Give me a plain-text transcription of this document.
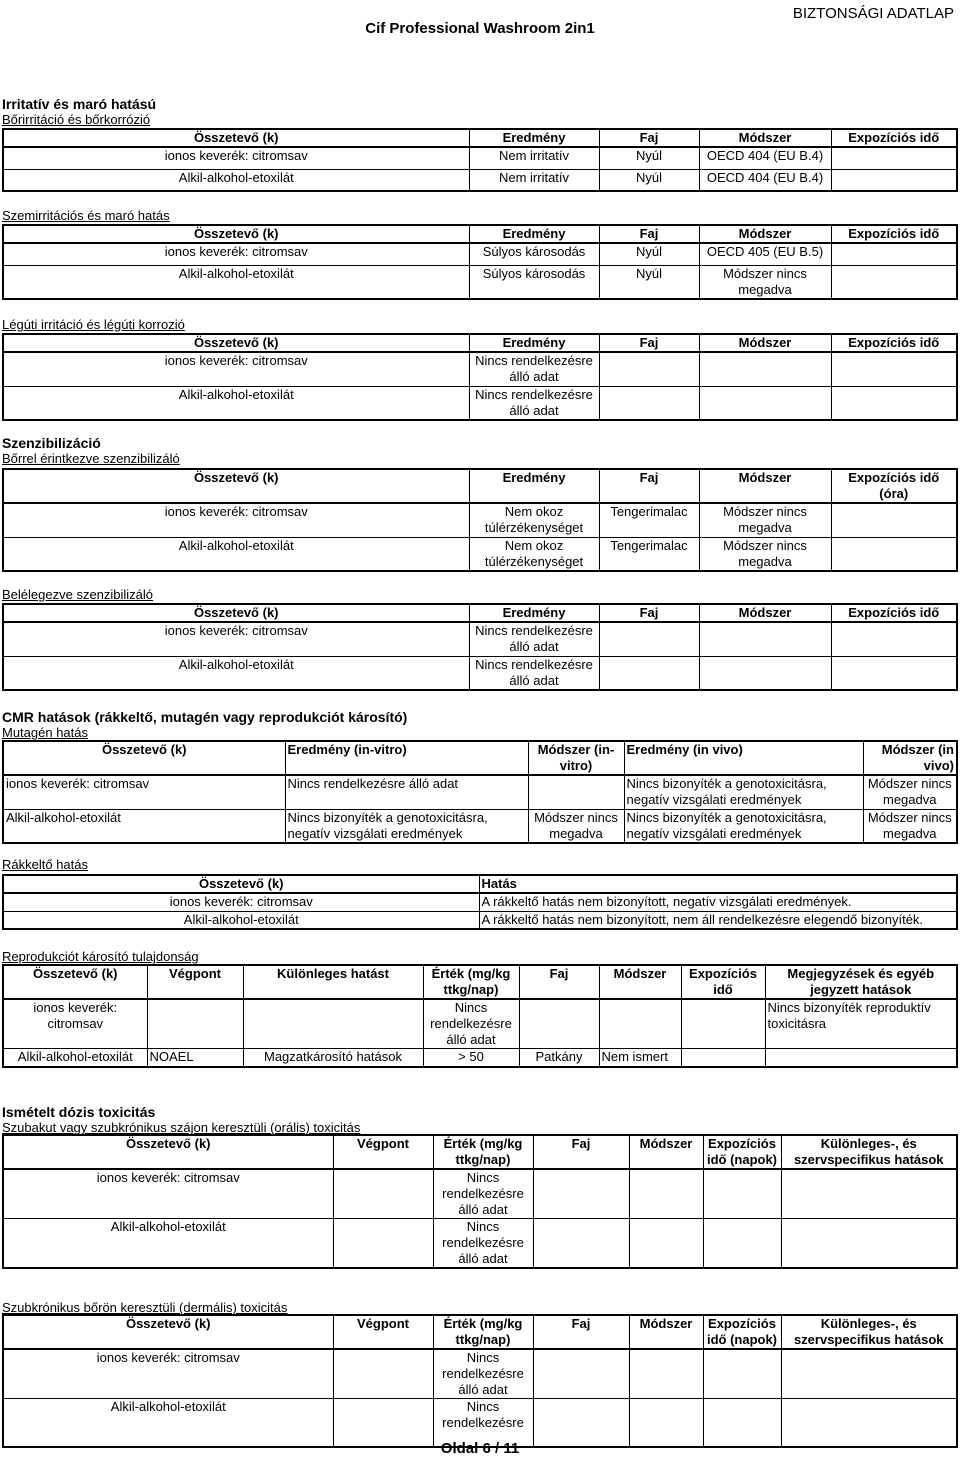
BIZTONSÁGI ADATLAP
Cif Professional Washroom 2in1
Irritatív és maró hatású
Bőrirritáció és bőrkorrózió
Összetevő (k)	Eredmény	Faj	Módszer	Expozíciós idő
ionos keverék: citromsav	Nem irritatív	Nyúl	OECD 404 (EU B.4)	
Alkil-alkohol-etoxilát	Nem irritatív	Nyúl	OECD 404 (EU B.4)	
Szemirritációs és maró hatás
Összetevő (k)	Eredmény	Faj	Módszer	Expozíciós idő
ionos keverék: citromsav	Súlyos károsodás	Nyúl	OECD 405 (EU B.5)	
Alkil-alkohol-etoxilát	Súlyos károsodás	Nyúl	Módszer nincs megadva	
Légúti irritáció és légúti korrozió
Összetevő (k)	Eredmény	Faj	Módszer	Expozíciós idő
ionos keverék: citromsav	Nincs rendelkezésre álló adat			
Alkil-alkohol-etoxilát	Nincs rendelkezésre álló adat			
Szenzibilizáció
Bőrrel érintkezve szenzibilizáló
Összetevő (k)	Eredmény	Faj	Módszer	Expozíciós idő (óra)
ionos keverék: citromsav	Nem okoz túlérzékenységet	Tengerimalac	Módszer nincs megadva	
Alkil-alkohol-etoxilát	Nem okoz túlérzékenységet	Tengerimalac	Módszer nincs megadva	
Belélegezve szenzibilizáló
Összetevő (k)	Eredmény	Faj	Módszer	Expozíciós idő
ionos keverék: citromsav	Nincs rendelkezésre álló adat			
Alkil-alkohol-etoxilát	Nincs rendelkezésre álló adat			
CMR hatások (rákkeltő, mutagén vagy reprodukciót károsító)
Mutagén hatás
Összetevő (k)	Eredmény (in-vitro)	Módszer (in-vitro)	Eredmény (in vivo)	Módszer (in vivo)
ionos keverék: citromsav	Nincs rendelkezésre álló adat		Nincs bizonyíték a genotoxicitásra, negatív vizsgálati eredmények	Módszer nincs megadva
Alkil-alkohol-etoxilát	Nincs bizonyíték a genotoxicitásra, negatív vizsgálati eredmények	Módszer nincs megadva	Nincs bizonyíték a genotoxicitásra, negatív vizsgálati eredmények	Módszer nincs megadva
Rákkeltő hatás
Összetevő (k)	Hatás
ionos keverék: citromsav	A rákkeltő hatás nem bizonyított, negatív vizsgálati eredmények.
Alkil-alkohol-etoxilát	A rákkeltő hatás nem bizonyított, nem áll rendelkezésre elegendő bizonyíték.
Reprodukciót károsító tulajdonság
Összetevő (k)	Végpont	Különleges hatást	Érték (mg/kg ttkg/nap)	Faj	Módszer	Expozíciós idő	Megjegyzések és egyéb jegyzett hatások
ionos keverék: citromsav			Nincs rendelkezésre álló adat				Nincs bizonyíték reproduktív toxicitásra
Alkil-alkohol-etoxilát	NOAEL	Magzatkárosító hatások	> 50	Patkány	Nem ismert		
Ismételt dózis toxicitás
Szubakut vagy szubkrónikus szájon keresztüli (orális) toxicitás
Összetevő (k)	Végpont	Érték (mg/kg ttkg/nap)	Faj	Módszer	Expozíciós idő (napok)	Különleges-, és szervspecifikus hatások
ionos keverék: citromsav		Nincs rendelkezésre álló adat				
Alkil-alkohol-etoxilát		Nincs rendelkezésre álló adat				
Szubkrónikus bőrön keresztüli (dermális) toxicitás
Összetevő (k)	Végpont	Érték (mg/kg ttkg/nap)	Faj	Módszer	Expozíciós idő (napok)	Különleges-, és szervspecifikus hatások
ionos keverék: citromsav		Nincs rendelkezésre álló adat				
Alkil-alkohol-etoxilát		Nincs rendelkezésre				
Oldal 6 / 11
